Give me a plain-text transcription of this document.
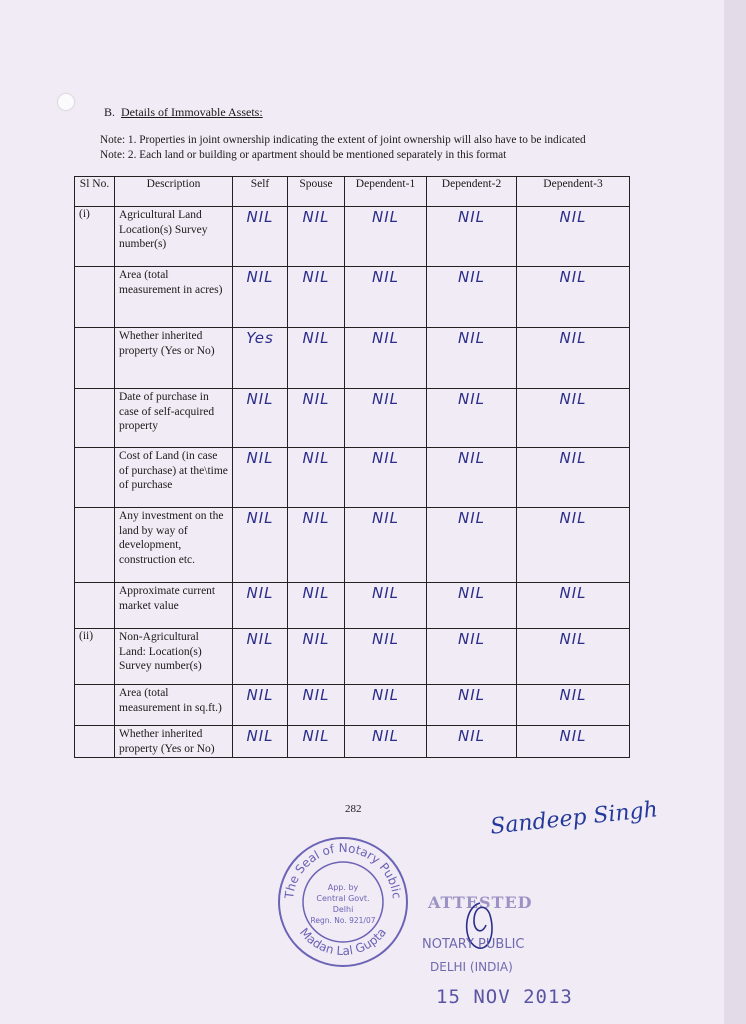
B. Details of Immovable Assets:
Note: 1. Properties in joint ownership indicating the extent of joint ownership will also have to be indicated
Note: 2. Each land or building or apartment should be mentioned separately in this format
Sl No.	Description	Self	Spouse	Dependent-1	Dependent-2	Dependent-3
(i)	Agricultural Land Location(s) Survey number(s)	NIL	NIL	NIL	NIL	NIL
	Area (total measurement in acres)	NIL	NIL	NIL	NIL	NIL
	Whether inherited property (Yes or No)	Yes	NIL	NIL	NIL	NIL
	Date of purchase in case of self-acquired property	NIL	NIL	NIL	NIL	NIL
	Cost of Land (in case of purchase) at the\time of purchase	NIL	NIL	NIL	NIL	NIL
	Any investment on the land by way of development, construction etc.	NIL	NIL	NIL	NIL	NIL
	Approximate current market value	NIL	NIL	NIL	NIL	NIL
(ii)	Non-Agricultural Land: Location(s) Survey number(s)	NIL	NIL	NIL	NIL	NIL
	Area (total measurement in sq.ft.)	NIL	NIL	NIL	NIL	NIL
	Whether inherited property (Yes or No)	NIL	NIL	NIL	NIL	NIL
282	Sandeep Singh
The Seal of Notary Public
Madan Lal Gupta
App. by
Central Govt.
Delhi
Regn. No. 921/07
ATTESTED
NOTARY PUBLIC
DELHI (INDIA)
15 NOV 2013
